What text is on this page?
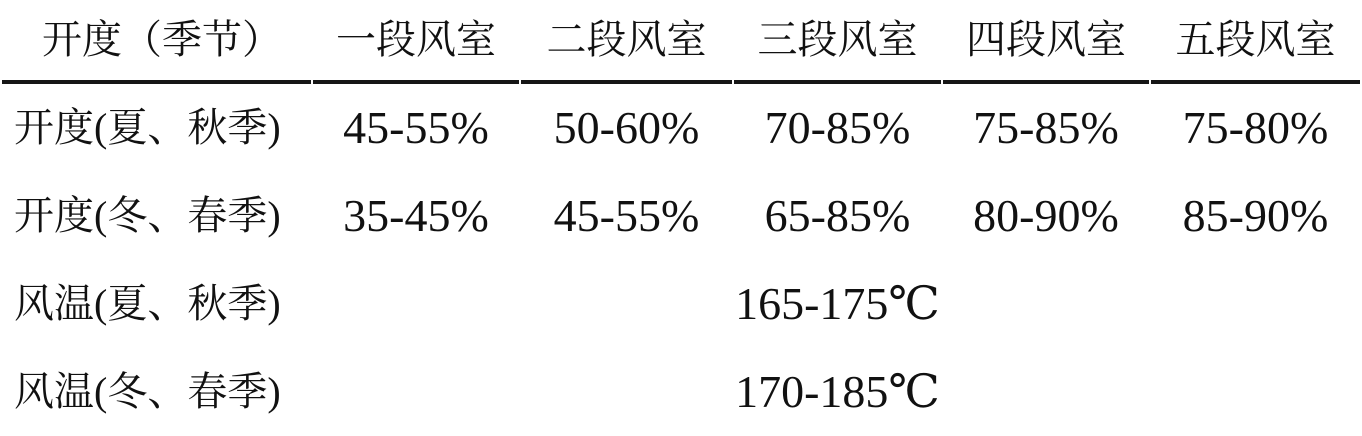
开度（季节）	一段风室	二段风室	三段风室	四段风室	五段风室
开度(夏、秋季)	45-55%	50-60%	70-85%	75-85%	75-80%
开度(冬、春季)	35-45%	45-55%	65-85%	80-90%	85-90%
风温(夏、秋季)			165-175℃		
风温(冬、春季)			170-185℃		
